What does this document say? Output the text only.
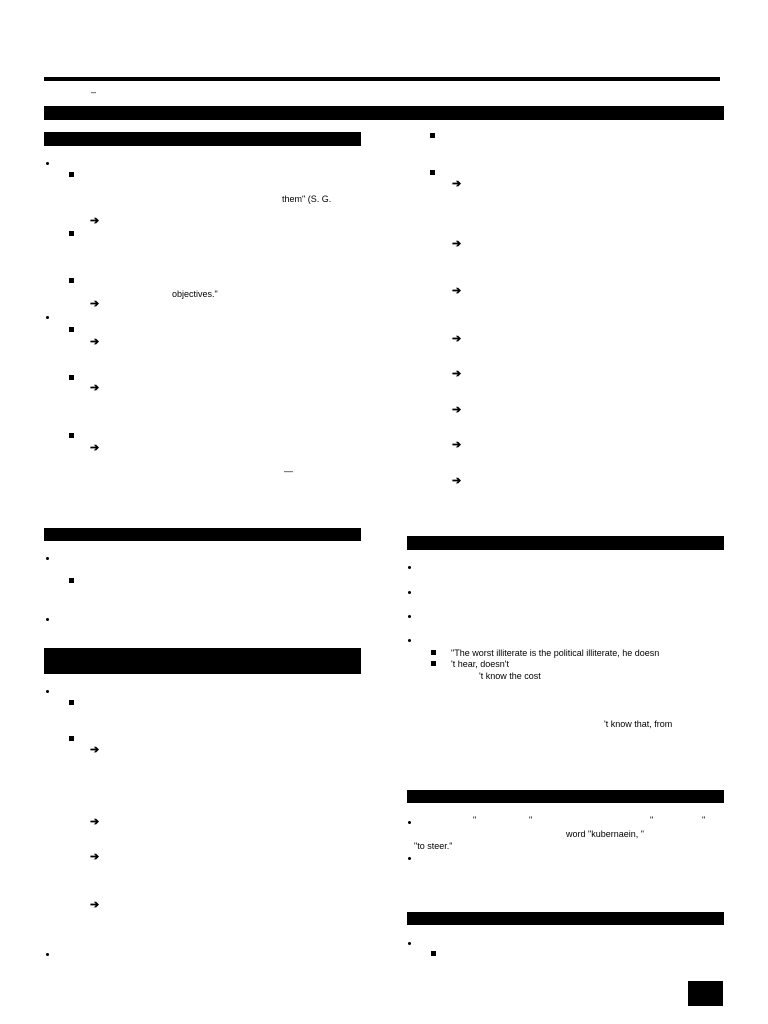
–
them" (S. G.
➔
objectives."
➔
➔
➔
➔
—
➔
➔
➔
➔
➔
➔
➔
➔
➔
➔
➔
➔
"The worst illiterate is the political illiterate, he doesn
't hear, doesn't
't know the cost
't know that, from
"	"	"	"
word "kubernaein, "
"to steer."
